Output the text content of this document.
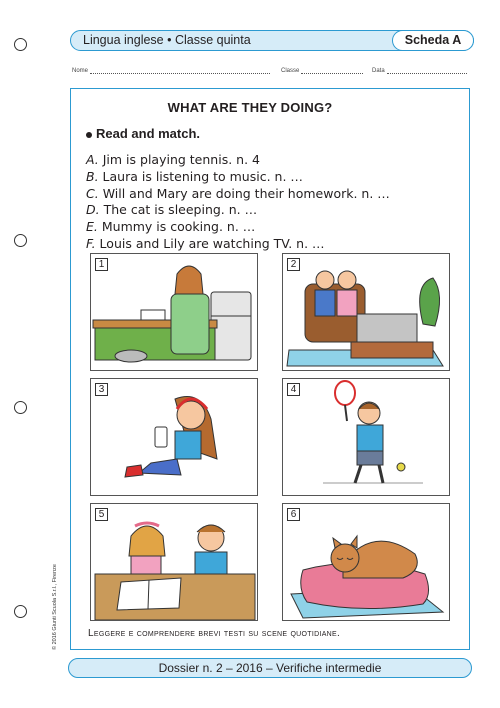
Lingua inglese • Classe quinta	Scheda A
Nome	Classe	Data
WHAT ARE THEY DOING?
Read and match.
A. Jim is playing tennis. n. 4
B. Laura is listening to music. n. …
C. Will and Mary are doing their homework. n. …
D. The cat is sleeping. n. …
E. Mummy is cooking. n. …
F. Louis and Lily are watching TV. n. …
1	2
3	4
5	6
Leggere e comprendere brevi testi su scene quotidiane.
© 2016 Giunti Scuola S.r.l., Firenze
Dossier n. 2 – 2016 – Verifiche intermedie
